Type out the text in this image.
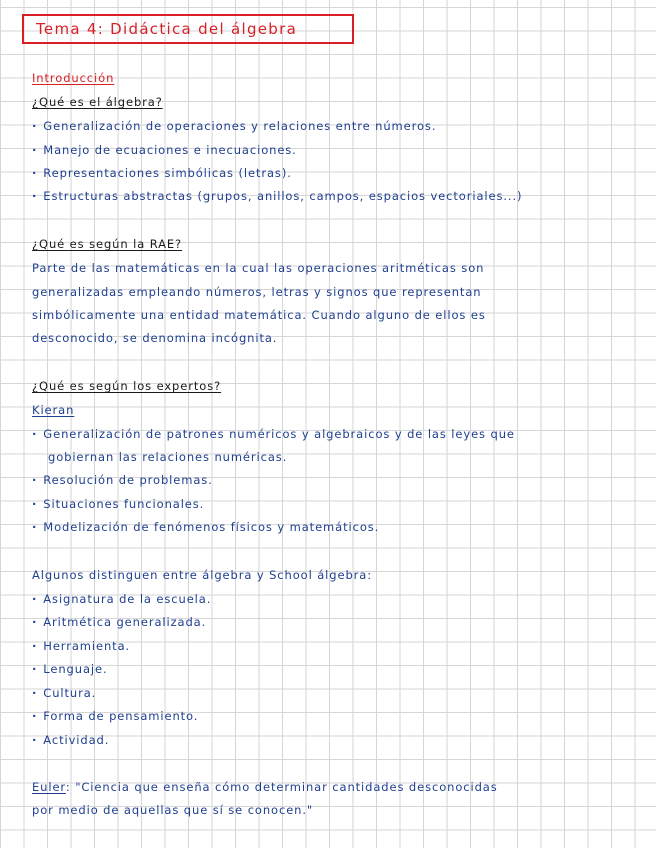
Tema 4: Didáctica del álgebra
Introducción
¿Qué es el álgebra?
· Generalización de operaciones y relaciones entre números.
· Manejo de ecuaciones e inecuaciones.
· Representaciones simbólicas (letras).
· Estructuras abstractas (grupos, anillos, campos, espacios vectoriales...)
¿Qué es según la RAE?
Parte de las matemáticas en la cual las operaciones aritméticas son
generalizadas empleando números, letras y signos que representan
simbólicamente una entidad matemática. Cuando alguno de ellos es
desconocido, se denomina incógnita.
¿Qué es según los expertos?
Kieran
· Generalización de patrones numéricos y algebraicos y de las leyes que
gobiernan las relaciones numéricas.
· Resolución de problemas.
· Situaciones funcionales.
· Modelización de fenómenos físicos y matemáticos.
Algunos distinguen entre álgebra y School álgebra:
· Asignatura de la escuela.
· Aritmética generalizada.
· Herramienta.
· Lenguaje.
· Cultura.
· Forma de pensamiento.
· Actividad.
Euler: "Ciencia que enseña cómo determinar cantidades desconocidas
por medio de aquellas que sí se conocen."
